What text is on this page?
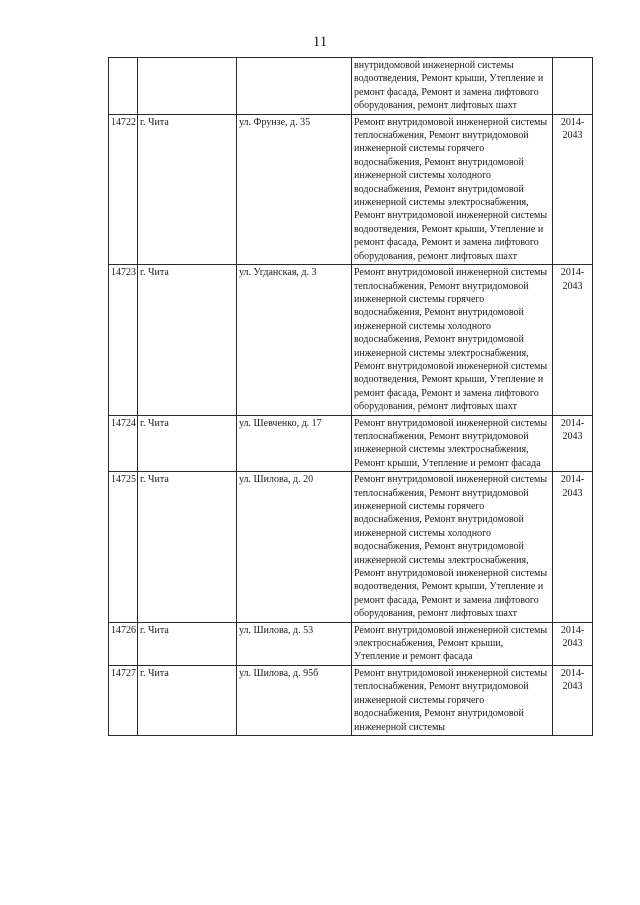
11
			внутридомовой инженерной системы водоотведения, Ремонт крыши, Утепление и ремонт фасада, Ремонт и замена лифтового оборудования, ремонт лифтовых шахт	
14722	г. Чита	ул. Фрунзе, д. 35	Ремонт внутридомовой инженерной системы теплоснабжения, Ремонт внутридомовой инженерной системы горячего водоснабжения, Ремонт внутридомовой инженерной системы холодного водоснабжения, Ремонт внутридомовой инженерной системы электроснабжения, Ремонт внутридомовой инженерной системы водоотведения, Ремонт крыши, Утепление и ремонт фасада, Ремонт и замена лифтового оборудования, ремонт лифтовых шахт	2014-2043
14723	г. Чита	ул. Угданская, д. 3	Ремонт внутридомовой инженерной системы теплоснабжения, Ремонт внутридомовой инженерной системы горячего водоснабжения, Ремонт внутридомовой инженерной системы холодного водоснабжения, Ремонт внутридомовой инженерной системы электроснабжения, Ремонт внутридомовой инженерной системы водоотведения, Ремонт крыши, Утепление и ремонт фасада, Ремонт и замена лифтового оборудования, ремонт лифтовых шахт	2014-2043
14724	г. Чита	ул. Шевченко, д. 17	Ремонт внутридомовой инженерной системы теплоснабжения, Ремонт внутридомовой инженерной системы электроснабжения, Ремонт крыши, Утепление и ремонт фасада	2014-2043
14725	г. Чита	ул. Шилова, д. 20	Ремонт внутридомовой инженерной системы теплоснабжения, Ремонт внутридомовой инженерной системы горячего водоснабжения, Ремонт внутридомовой инженерной системы холодного водоснабжения, Ремонт внутридомовой инженерной системы электроснабжения, Ремонт внутридомовой инженерной системы водоотведения, Ремонт крыши, Утепление и ремонт фасада, Ремонт и замена лифтового оборудования, ремонт лифтовых шахт	2014-2043
14726	г. Чита	ул. Шилова, д. 53	Ремонт внутридомовой инженерной системы электроснабжения, Ремонт крыши, Утепление и ремонт фасада	2014-2043
14727	г. Чита	ул. Шилова, д. 95б	Ремонт внутридомовой инженерной системы теплоснабжения, Ремонт внутридомовой инженерной системы горячего водоснабжения, Ремонт внутридомовой инженерной системы	2014-2043
